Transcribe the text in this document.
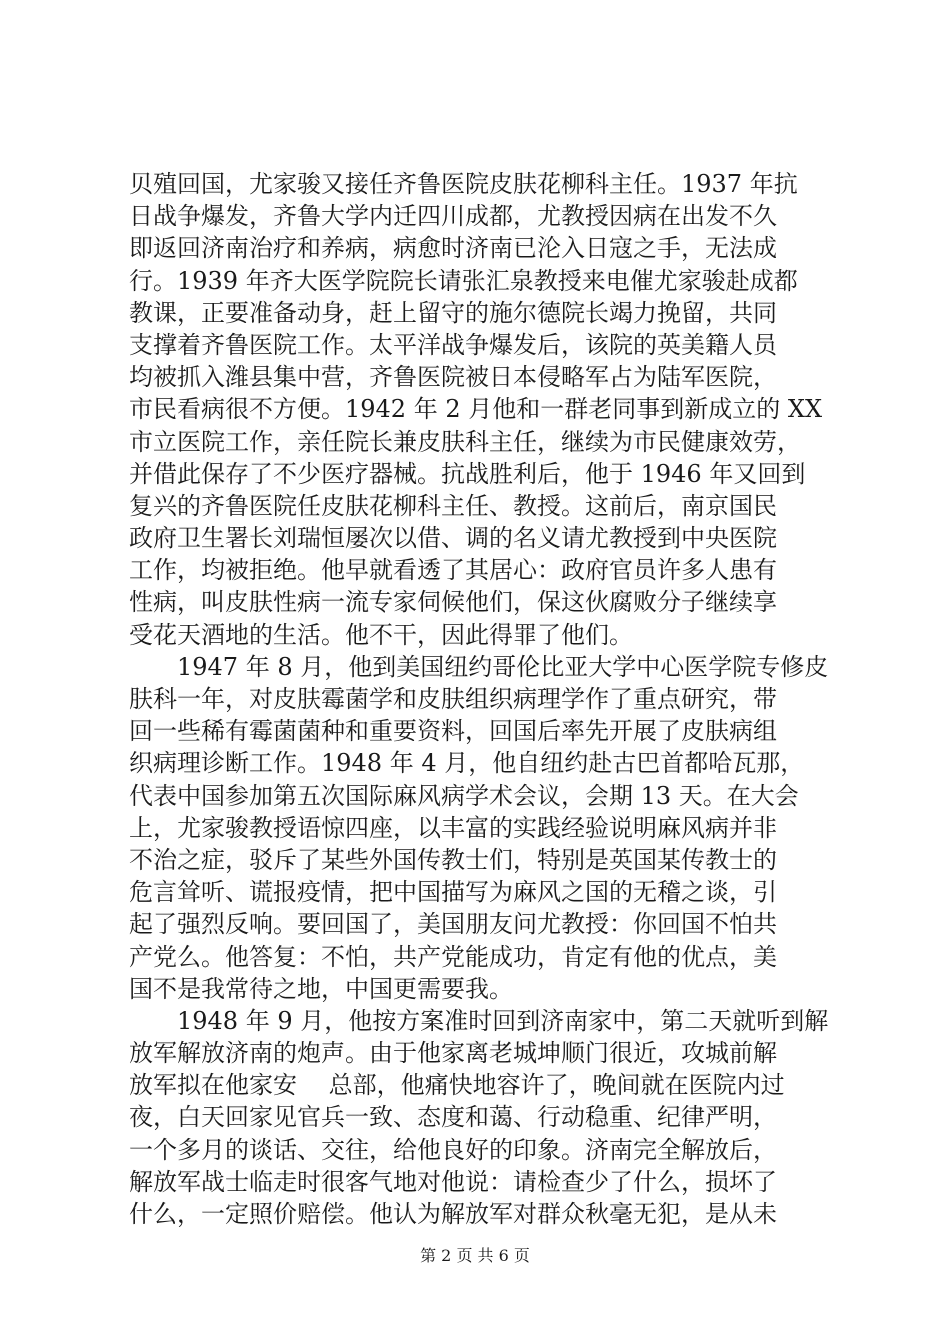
贝殖回国，尤家骏又接任齐鲁医院皮肤花柳科主任。1937 年抗
日战争爆发，齐鲁大学内迁四川成都，尤教授因病在出发不久
即返回济南治疗和养病，病愈时济南已沦入日寇之手，无法成
行。1939 年齐大医学院院长请张汇泉教授来电催尤家骏赴成都
教课，正要准备动身，赶上留守的施尔德院长竭力挽留，共同
支撑着齐鲁医院工作。太平洋战争爆发后，该院的英美籍人员
均被抓入潍县集中营，齐鲁医院被日本侵略军占为陆军医院，
市民看病很不方便。1942 年 2 月他和一群老同事到新成立的 XX
市立医院工作，亲任院长兼皮肤科主任，继续为市民健康效劳，
并借此保存了不少医疗器械。抗战胜利后，他于 1946 年又回到
复兴的齐鲁医院任皮肤花柳科主任、教授。这前后，南京国民
政府卫生署长刘瑞恒屡次以借、调的名义请尤教授到中央医院
工作，均被拒绝。他早就看透了其居心：政府官员许多人患有
性病，叫皮肤性病一流专家伺候他们，保这伙腐败分子继续享
受花天酒地的生活。他不干，因此得罪了他们。
　　1947 年 8 月，他到美国纽约哥伦比亚大学中心医学院专修皮
肤科一年，对皮肤霉菌学和皮肤组织病理学作了重点研究，带
回一些稀有霉菌菌种和重要资料，回国后率先开展了皮肤病组
织病理诊断工作。1948 年 4 月，他自纽约赴古巴首都哈瓦那，
代表中国参加第五次国际麻风病学术会议，会期 13 天。在大会
上，尤家骏教授语惊四座，以丰富的实践经验说明麻风病并非
不治之症，驳斥了某些外国传教士们，特别是英国某传教士的
危言耸听、谎报疫情，把中国描写为麻风之国的无稽之谈，引
起了强烈反响。要回国了，美国朋友问尤教授：你回国不怕共
产党么。他答复：不怕，共产党能成功，肯定有他的优点，美
国不是我常待之地，中国更需要我。
　　1948 年 9 月，他按方案准时回到济南家中，第二天就听到解
放军解放济南的炮声。由于他家离老城坤顺门很近，攻城前解
放军拟在他家安　 总部，他痛快地容许了，晚间就在医院内过
夜，白天回家见官兵一致、态度和蔼、行动稳重、纪律严明，
一个多月的谈话、交往，给他良好的印象。济南完全解放后，
解放军战士临走时很客气地对他说：请检查少了什么，损坏了
什么，一定照价赔偿。他认为解放军对群众秋毫无犯，是从未
第 2 页 共 6 页
